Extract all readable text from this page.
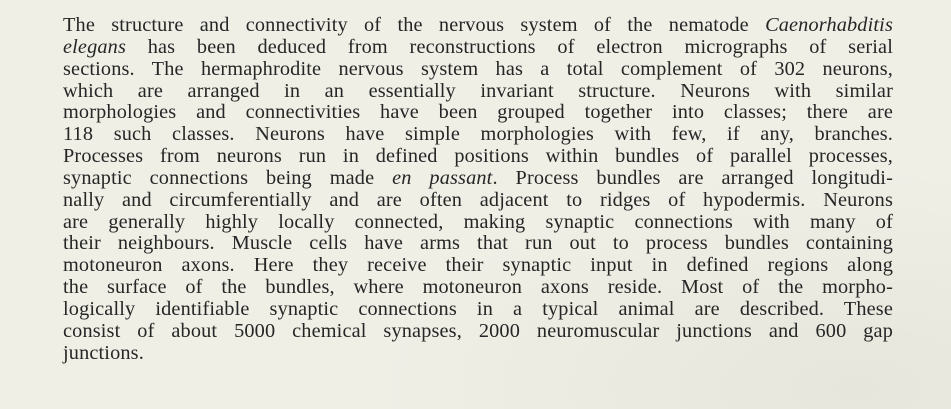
The structure and connectivity of the nervous system of the nematode Caenorhabditis
elegans has been deduced from reconstructions of electron micrographs of serial
sections. The hermaphrodite nervous system has a total complement of 302 neurons,
which are arranged in an essentially invariant structure. Neurons with similar
morphologies and connectivities have been grouped together into classes; there are
118 such classes. Neurons have simple morphologies with few, if any, branches.
Processes from neurons run in defined positions within bundles of parallel processes,
synaptic connections being made en passant. Process bundles are arranged longitudi-
nally and circumferentially and are often adjacent to ridges of hypodermis. Neurons
are generally highly locally connected, making synaptic connections with many of
their neighbours. Muscle cells have arms that run out to process bundles containing
motoneuron axons. Here they receive their synaptic input in defined regions along
the surface of the bundles, where motoneuron axons reside. Most of the morpho-
logically identifiable synaptic connections in a typical animal are described. These
consist of about 5000 chemical synapses, 2000 neuromuscular junctions and 600 gap
junctions.
